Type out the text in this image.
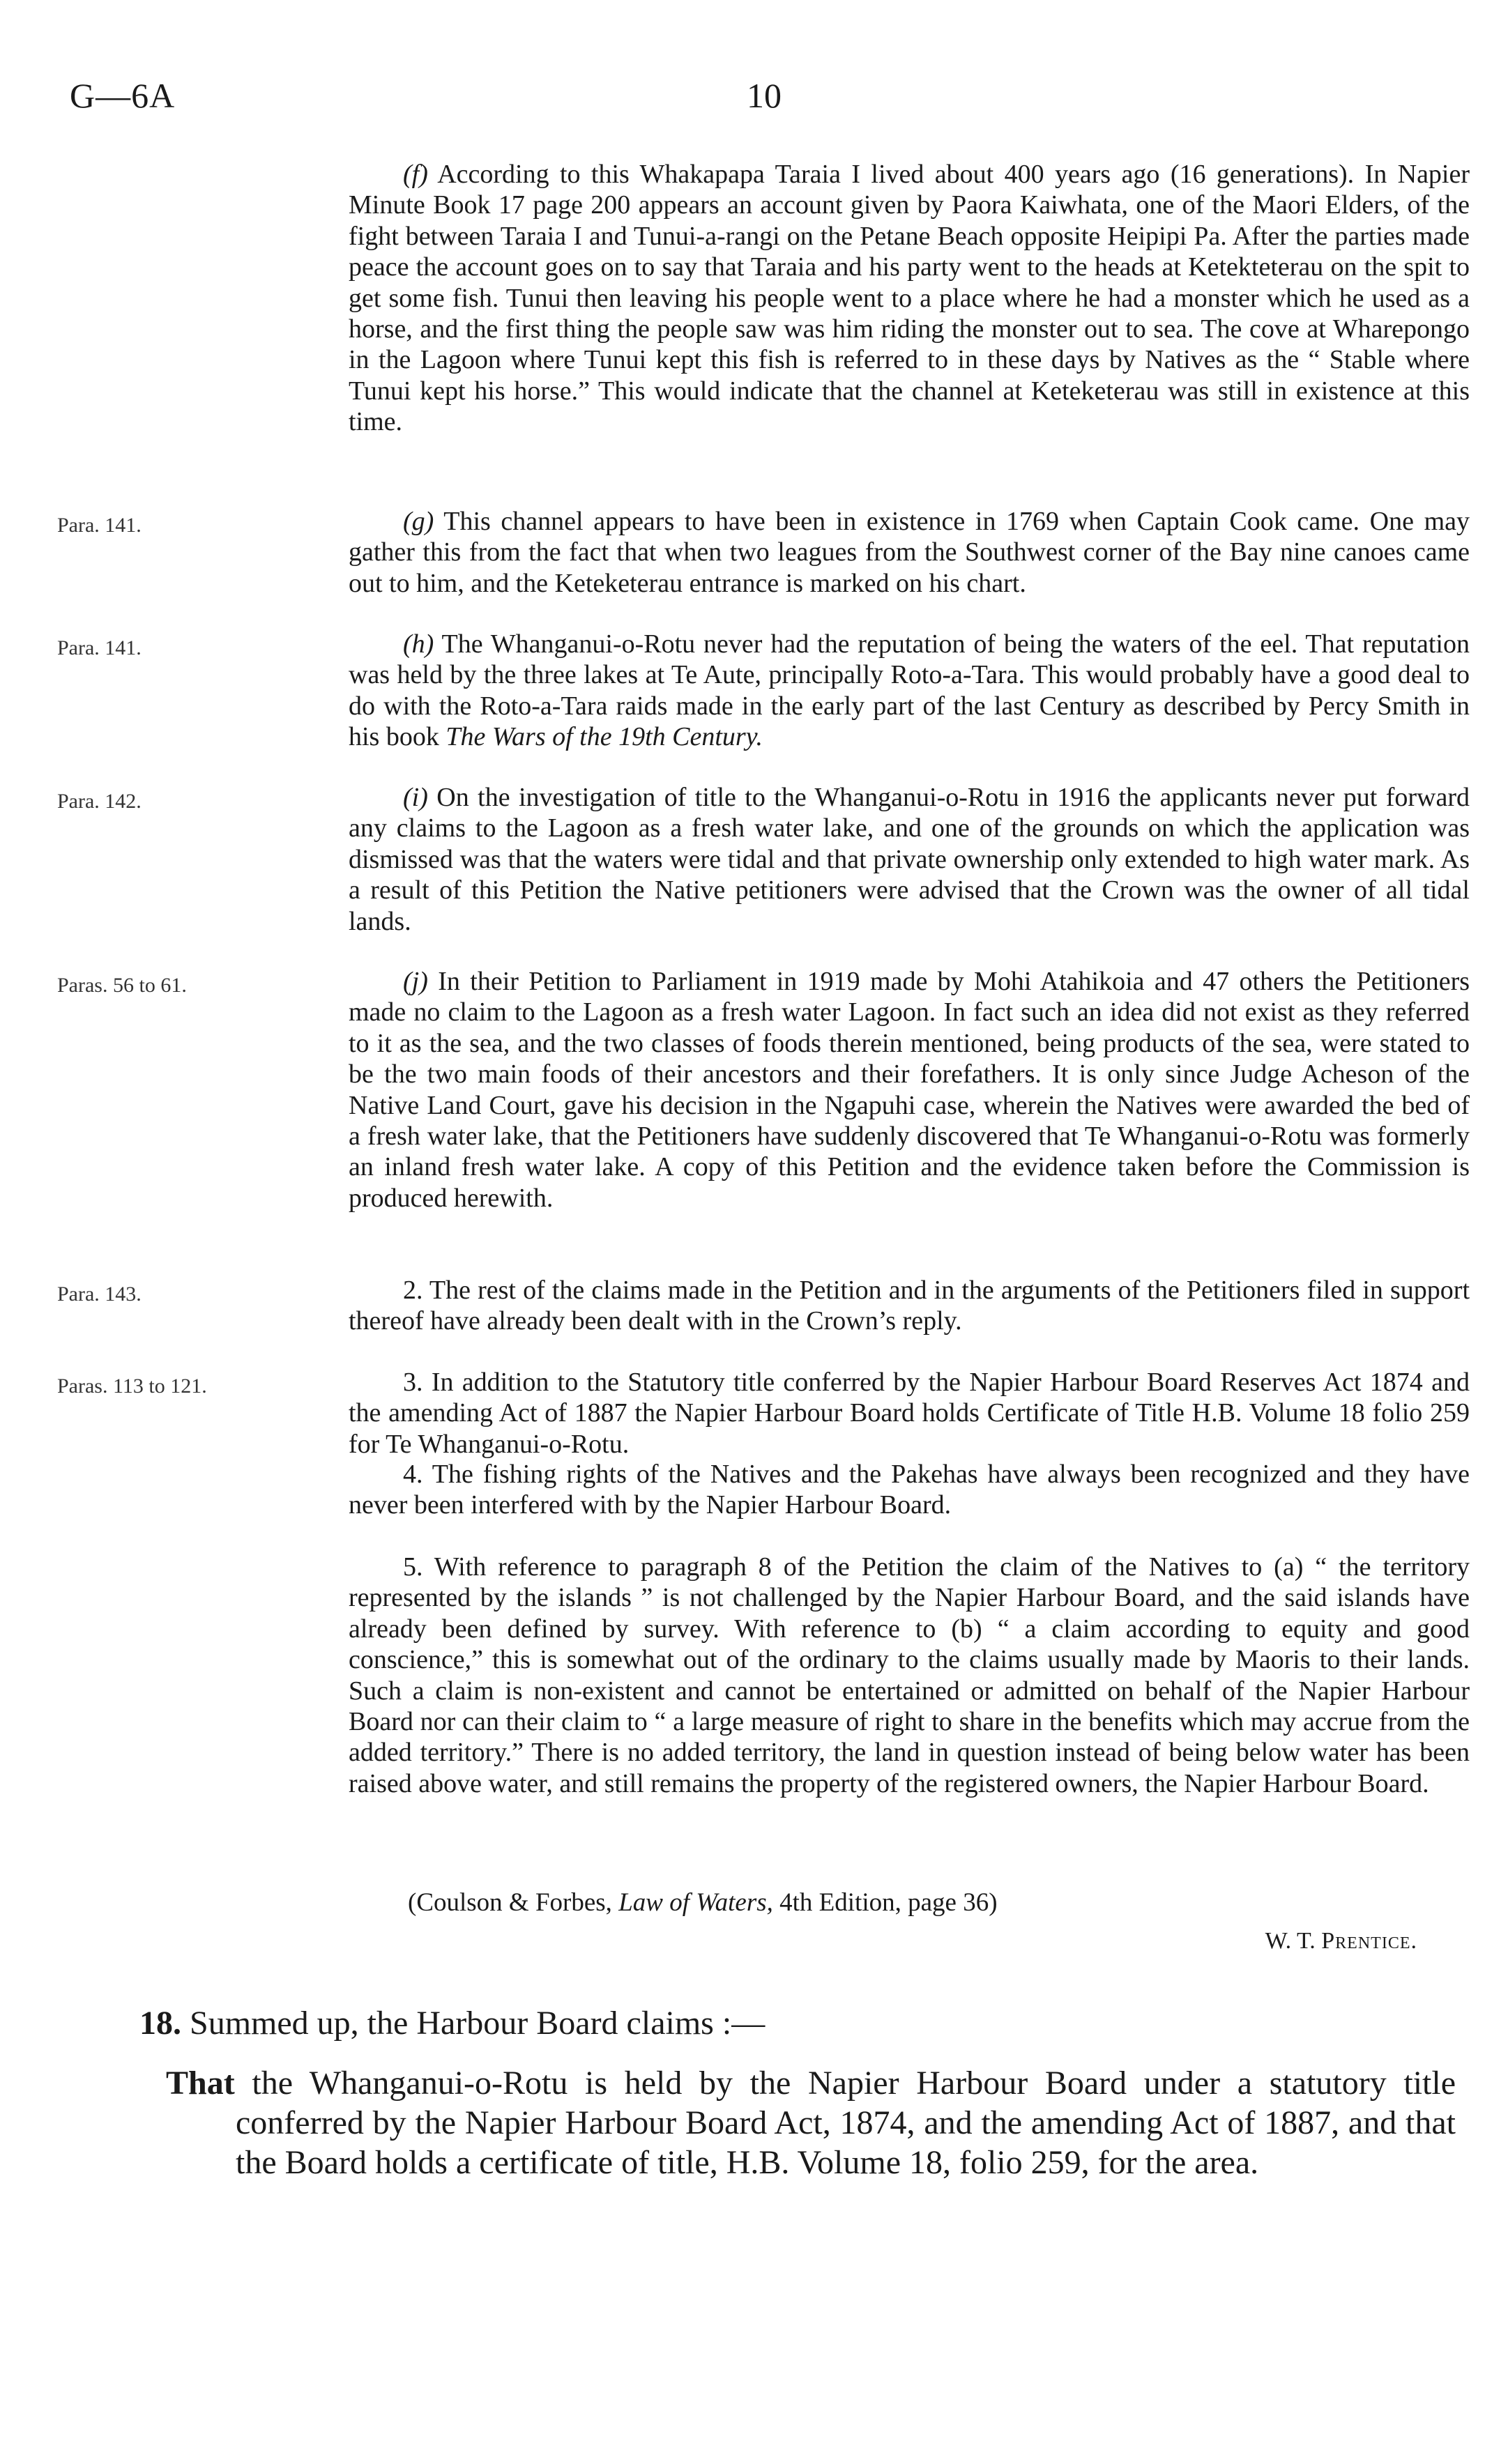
G—6A	10
Para. 141.
Para. 141.
Para. 142.
Paras. 56 to 61.
Para. 143.
Paras. 113 to 121.

(f) According to this Whakapapa Taraia I lived about 400 years ago (16 generations). In Napier Minute Book 17 page 200 appears an account given by Paora Kaiwhata, one of the Maori Elders, of the fight between Taraia I and Tunui-a-rangi on the Petane Beach opposite Heipipi Pa. After the parties made peace the account goes on to say that Taraia and his party went to the heads at Ketekteterau on the spit to get some fish. Tunui then leaving his people went to a place where he had a monster which he used as a horse, and the first thing the people saw was him riding the monster out to sea. The cove at Wharepongo in the Lagoon where Tunui kept this fish is referred to in these days by Natives as the “ Stable where Tunui kept his horse.” This would indicate that the channel at Keteketerau was still in existence at this time.

(g) This channel appears to have been in existence in 1769 when Captain Cook came. One may gather this from the fact that when two leagues from the Southwest corner of the Bay nine canoes came out to him, and the Keteketerau entrance is marked on his chart.

(h) The Whanganui-o-Rotu never had the reputation of being the waters of the eel. That reputation was held by the three lakes at Te Aute, principally Roto-a-Tara. This would probably have a good deal to do with the Roto-a-Tara raids made in the early part of the last Century as described by Percy Smith in his book The Wars of the 19th Century.

(i) On the investigation of title to the Whanganui-o-Rotu in 1916 the applicants never put forward any claims to the Lagoon as a fresh water lake, and one of the grounds on which the application was dismissed was that the waters were tidal and that private ownership only extended to high water mark. As a result of this Petition the Native petitioners were advised that the Crown was the owner of all tidal lands.

(j) In their Petition to Parliament in 1919 made by Mohi Atahikoia and 47 others the Petitioners made no claim to the Lagoon as a fresh water Lagoon. In fact such an idea did not exist as they referred to it as the sea, and the two classes of foods therein mentioned, being products of the sea, were stated to be the two main foods of their ancestors and their forefathers. It is only since Judge Acheson of the Native Land Court, gave his decision in the Ngapuhi case, wherein the Natives were awarded the bed of a fresh water lake, that the Petitioners have suddenly discovered that Te Whanganui-o-Rotu was formerly an inland fresh water lake. A copy of this Petition and the evidence taken before the Commission is produced herewith.

2. The rest of the claims made in the Petition and in the arguments of the Petitioners filed in support thereof have already been dealt with in the Crown’s reply.

3. In addition to the Statutory title conferred by the Napier Harbour Board Reserves Act 1874 and the amending Act of 1887 the Napier Harbour Board holds Certificate of Title H.B. Volume 18 folio 259 for Te Whanganui-o-Rotu.

4. The fishing rights of the Natives and the Pakehas have always been recognized and they have never been interfered with by the Napier Harbour Board.

5. With reference to paragraph 8 of the Petition the claim of the Natives to (a) “ the territory represented by the islands ” is not challenged by the Napier Harbour Board, and the said islands have already been defined by survey. With reference to (b) “ a claim according to equity and good conscience,” this is somewhat out of the ordinary to the claims usually made by Maoris to their lands. Such a claim is non-existent and cannot be entertained or admitted on behalf of the Napier Harbour Board nor can their claim to “ a large measure of right to share in the benefits which may accrue from the added territory.” There is no added territory, the land in question instead of being below water has been raised above water, and still remains the property of the registered owners, the Napier Harbour Board.

(Coulson & Forbes, Law of Waters, 4th Edition, page 36)
W. T. Prentice.
18. Summed up, the Harbour Board claims :—
That the Whanganui-o-Rotu is held by the Napier Harbour Board under a statutory title conferred by the Napier Harbour Board Act, 1874, and the amending Act of 1887, and that the Board holds a certificate of title, H.B. Volume 18, folio 259, for the area.
